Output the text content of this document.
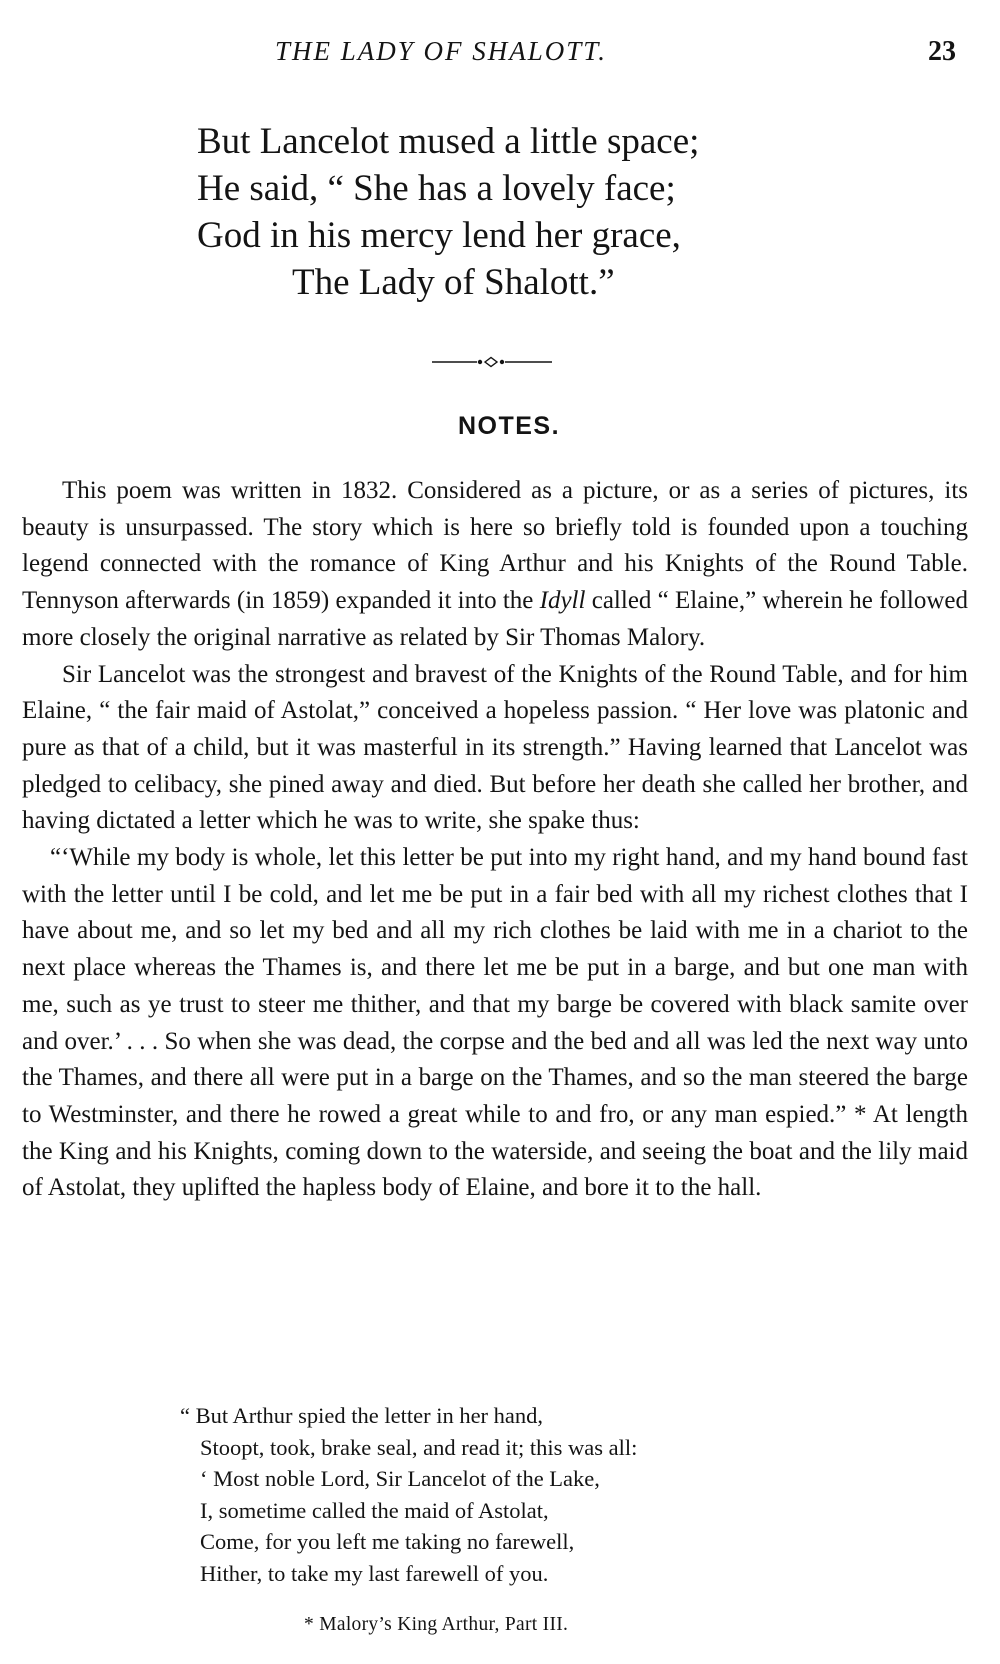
THE LADY OF SHALOTT.	23
But Lancelot mused a little space;
He said, “ She has a lovely face;
God in his mercy lend her grace,
The Lady of Shalott.”
NOTES.

This poem was written in 1832. Considered as a picture, or as a series of pictures, its beauty is unsurpassed. The story which is here so briefly told is founded upon a touching legend connected with the romance of King Arthur and his Knights of the Round Table. Tennyson afterwards (in 1859) expanded it into the Idyll called “ Elaine,” wherein he followed more closely the original narrative as related by Sir Thomas Malory.

Sir Lancelot was the strongest and bravest of the Knights of the Round Table, and for him Elaine, “ the fair maid of Astolat,” conceived a hopeless passion. “ Her love was platonic and pure as that of a child, but it was masterful in its strength.” Having learned that Lancelot was pledged to celibacy, she pined away and died. But before her death she called her brother, and having dictated a letter which he was to write, she spake thus:

“‘While my body is whole, let this letter be put into my right hand, and my hand bound fast with the letter until I be cold, and let me be put in a fair bed with all my richest clothes that I have about me, and so let my bed and all my rich clothes be laid with me in a chariot to the next place whereas the Thames is, and there let me be put in a barge, and but one man with me, such as ye trust to steer me thither, and that my barge be covered with black samite over and over.’ . . . So when she was dead, the corpse and the bed and all was led the next way unto the Thames, and there all were put in a barge on the Thames, and so the man steered the barge to Westminster, and there he rowed a great while to and fro, or any man espied.” * At length the King and his Knights, coming down to the waterside, and seeing the boat and the lily maid of Astolat, they uplifted the hapless body of Elaine, and bore it to the hall.

“ But Arthur spied the letter in her hand,
Stoopt, took, brake seal, and read it; this was all:
‘ Most noble Lord, Sir Lancelot of the Lake,
I, sometime called the maid of Astolat,
Come, for you left me taking no farewell,
Hither, to take my last farewell of you.
* Malory’s King Arthur, Part III.
